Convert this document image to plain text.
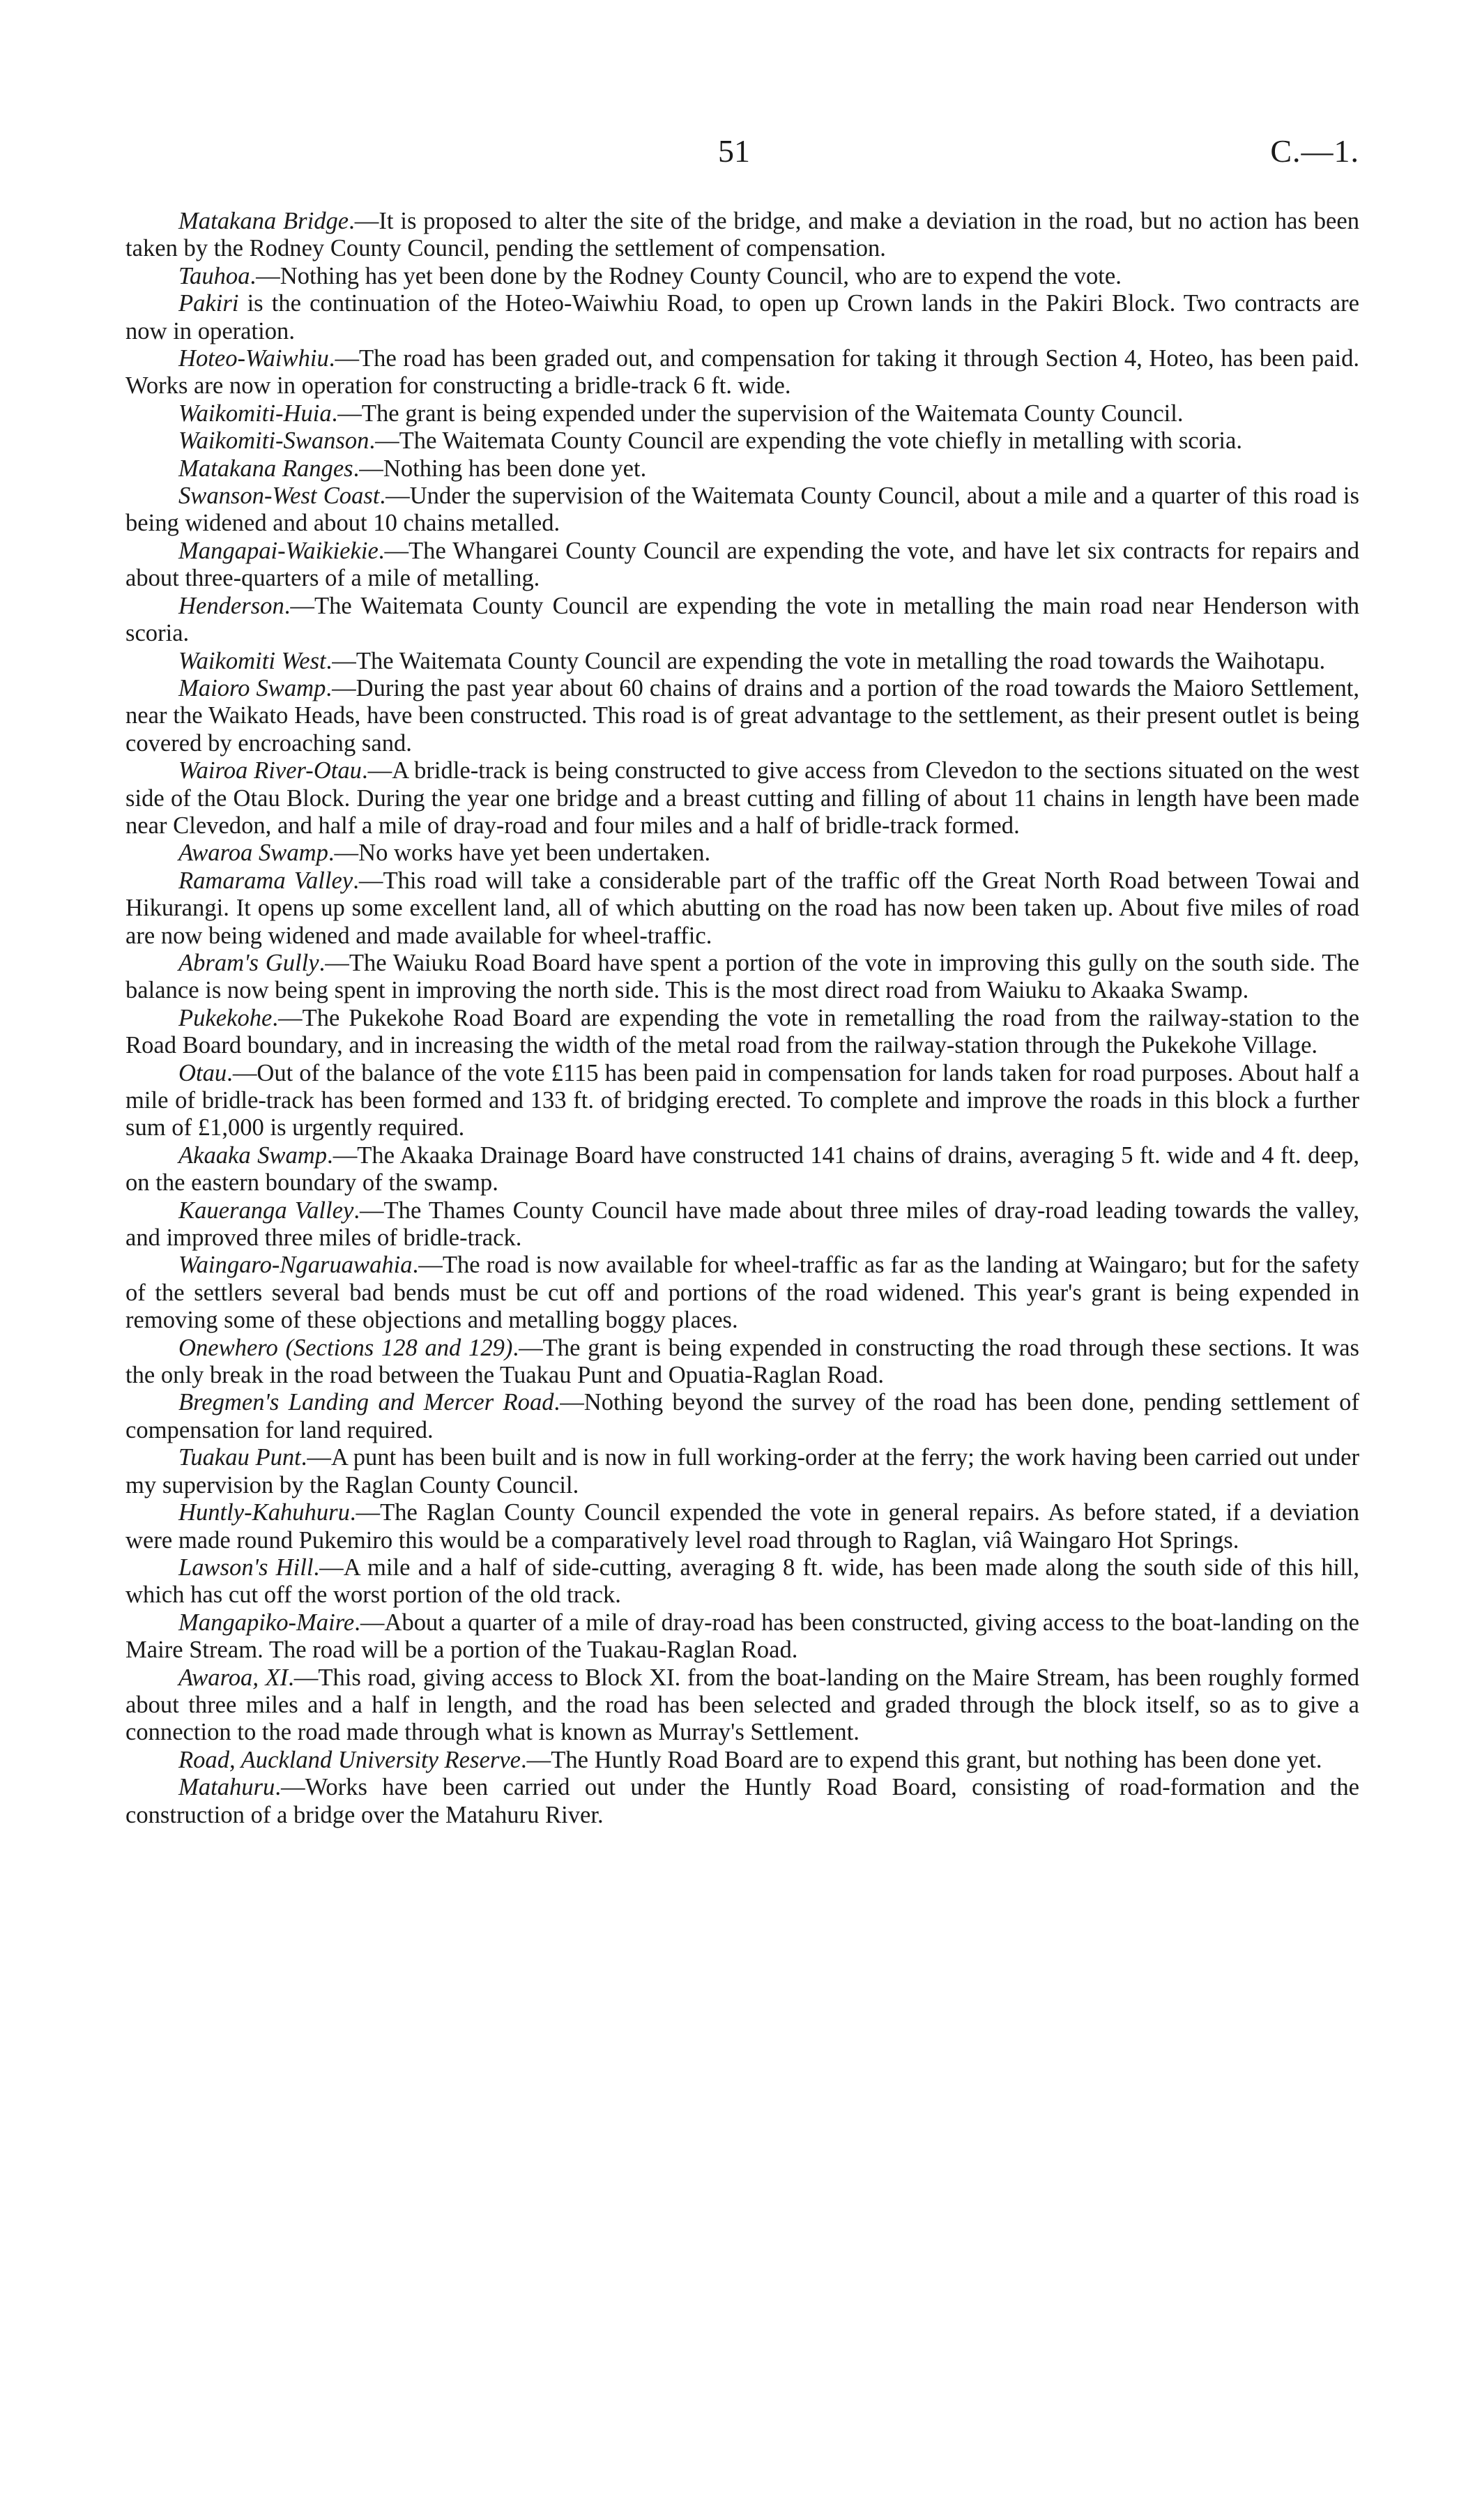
51	C.—1.

Matakana Bridge .— It is proposed to alter the site of the bridge, and make a deviation in the road, but no action has been taken by the Rodney County Council, pending the settlement of compensation.

Tauhoa .— Nothing has yet been done by the Rodney County Council, who are to expend the vote.

Pakiri is the continuation of the Hoteo-Waiwhiu Road, to open up Crown lands in the Pakiri Block. Two contracts are now in operation.

Hoteo-Waiwhiu .— The road has been graded out, and compensation for taking it through Section 4, Hoteo, has been paid. Works are now in operation for constructing a bridle-track 6 ft. wide.

Waikomiti-Huia .— The grant is being expended under the supervision of the Waitemata County Council.

Waikomiti-Swanson .— The Waitemata County Council are expending the vote chiefly in metalling with scoria.

Matakana Ranges .— Nothing has been done yet.

Swanson-West Coast .— Under the supervision of the Waitemata County Council, about a mile and a quarter of this road is being widened and about 10 chains metalled.

Mangapai-Waikiekie .— The Whangarei County Council are expending the vote, and have let six contracts for repairs and about three-quarters of a mile of metalling.

Henderson .— The Waitemata County Council are expending the vote in metalling the main road near Henderson with scoria.

Waikomiti West .— The Waitemata County Council are expending the vote in metalling the road towards the Waihotapu.

Maioro Swamp .— During the past year about 60 chains of drains and a portion of the road towards the Maioro Settlement, near the Waikato Heads, have been constructed. This road is of great advantage to the settlement, as their present outlet is being covered by encroaching sand.

Wairoa River-Otau .— A bridle-track is being constructed to give access from Clevedon to the sections situated on the west side of the Otau Block. During the year one bridge and a breast cutting and filling of about 11 chains in length have been made near Clevedon, and half a mile of dray-road and four miles and a half of bridle-track formed.

Awaroa Swamp .— No works have yet been undertaken.

Ramarama Valley .— This road will take a considerable part of the traffic off the Great North Road between Towai and Hikurangi. It opens up some excellent land, all of which abutting on the road has now been taken up. About five miles of road are now being widened and made available for wheel-traffic.

Abram's Gully .— The Waiuku Road Board have spent a portion of the vote in improving this gully on the south side. The balance is now being spent in improving the north side. This is the most direct road from Waiuku to Akaaka Swamp.

Pukekohe .— The Pukekohe Road Board are expending the vote in remetalling the road from the railway-station to the Road Board boundary, and in increasing the width of the metal road from the railway-station through the Pukekohe Village.

Otau .— Out of the balance of the vote £115 has been paid in compensation for lands taken for road purposes. About half a mile of bridle-track has been formed and 133 ft. of bridging erected. To complete and improve the roads in this block a further sum of £1,000 is urgently required.

Akaaka Swamp .— The Akaaka Drainage Board have constructed 141 chains of drains, averaging 5 ft. wide and 4 ft. deep, on the eastern boundary of the swamp.

Kaueranga Valley .— The Thames County Council have made about three miles of dray-road leading towards the valley, and improved three miles of bridle-track.

Waingaro-Ngaruawahia .— The road is now available for wheel-traffic as far as the landing at Waingaro; but for the safety of the settlers several bad bends must be cut off and portions of the road widened. This year's grant is being expended in removing some of these objections and metalling boggy places.

Onewhero (Sections 128 and 129) .— The grant is being expended in constructing the road through these sections. It was the only break in the road between the Tuakau Punt and Opuatia-Raglan Road.

Bregmen's Landing and Mercer Road .— Nothing beyond the survey of the road has been done, pending settlement of compensation for land required.

Tuakau Punt .— A punt has been built and is now in full working-order at the ferry; the work having been carried out under my supervision by the Raglan County Council.

Huntly-Kahuhuru .— The Raglan County Council expended the vote in general repairs. As before stated, if a deviation were made round Pukemiro this would be a comparatively level road through to Raglan, viâ Waingaro Hot Springs.

Lawson's Hill .— A mile and a half of side-cutting, averaging 8 ft. wide, has been made along the south side of this hill, which has cut off the worst portion of the old track.

Mangapiko-Maire .— About a quarter of a mile of dray-road has been constructed, giving access to the boat-landing on the Maire Stream. The road will be a portion of the Tuakau-Raglan Road.

Awaroa, XI .— This road, giving access to Block XI. from the boat-landing on the Maire Stream, has been roughly formed about three miles and a half in length, and the road has been selected and graded through the block itself, so as to give a connection to the road made through what is known as Murray's Settlement.

Road, Auckland University Reserve .— The Huntly Road Board are to expend this grant, but nothing has been done yet.

Matahuru .— Works have been carried out under the Huntly Road Board, consisting of road-formation and the construction of a bridge over the Matahuru River.
